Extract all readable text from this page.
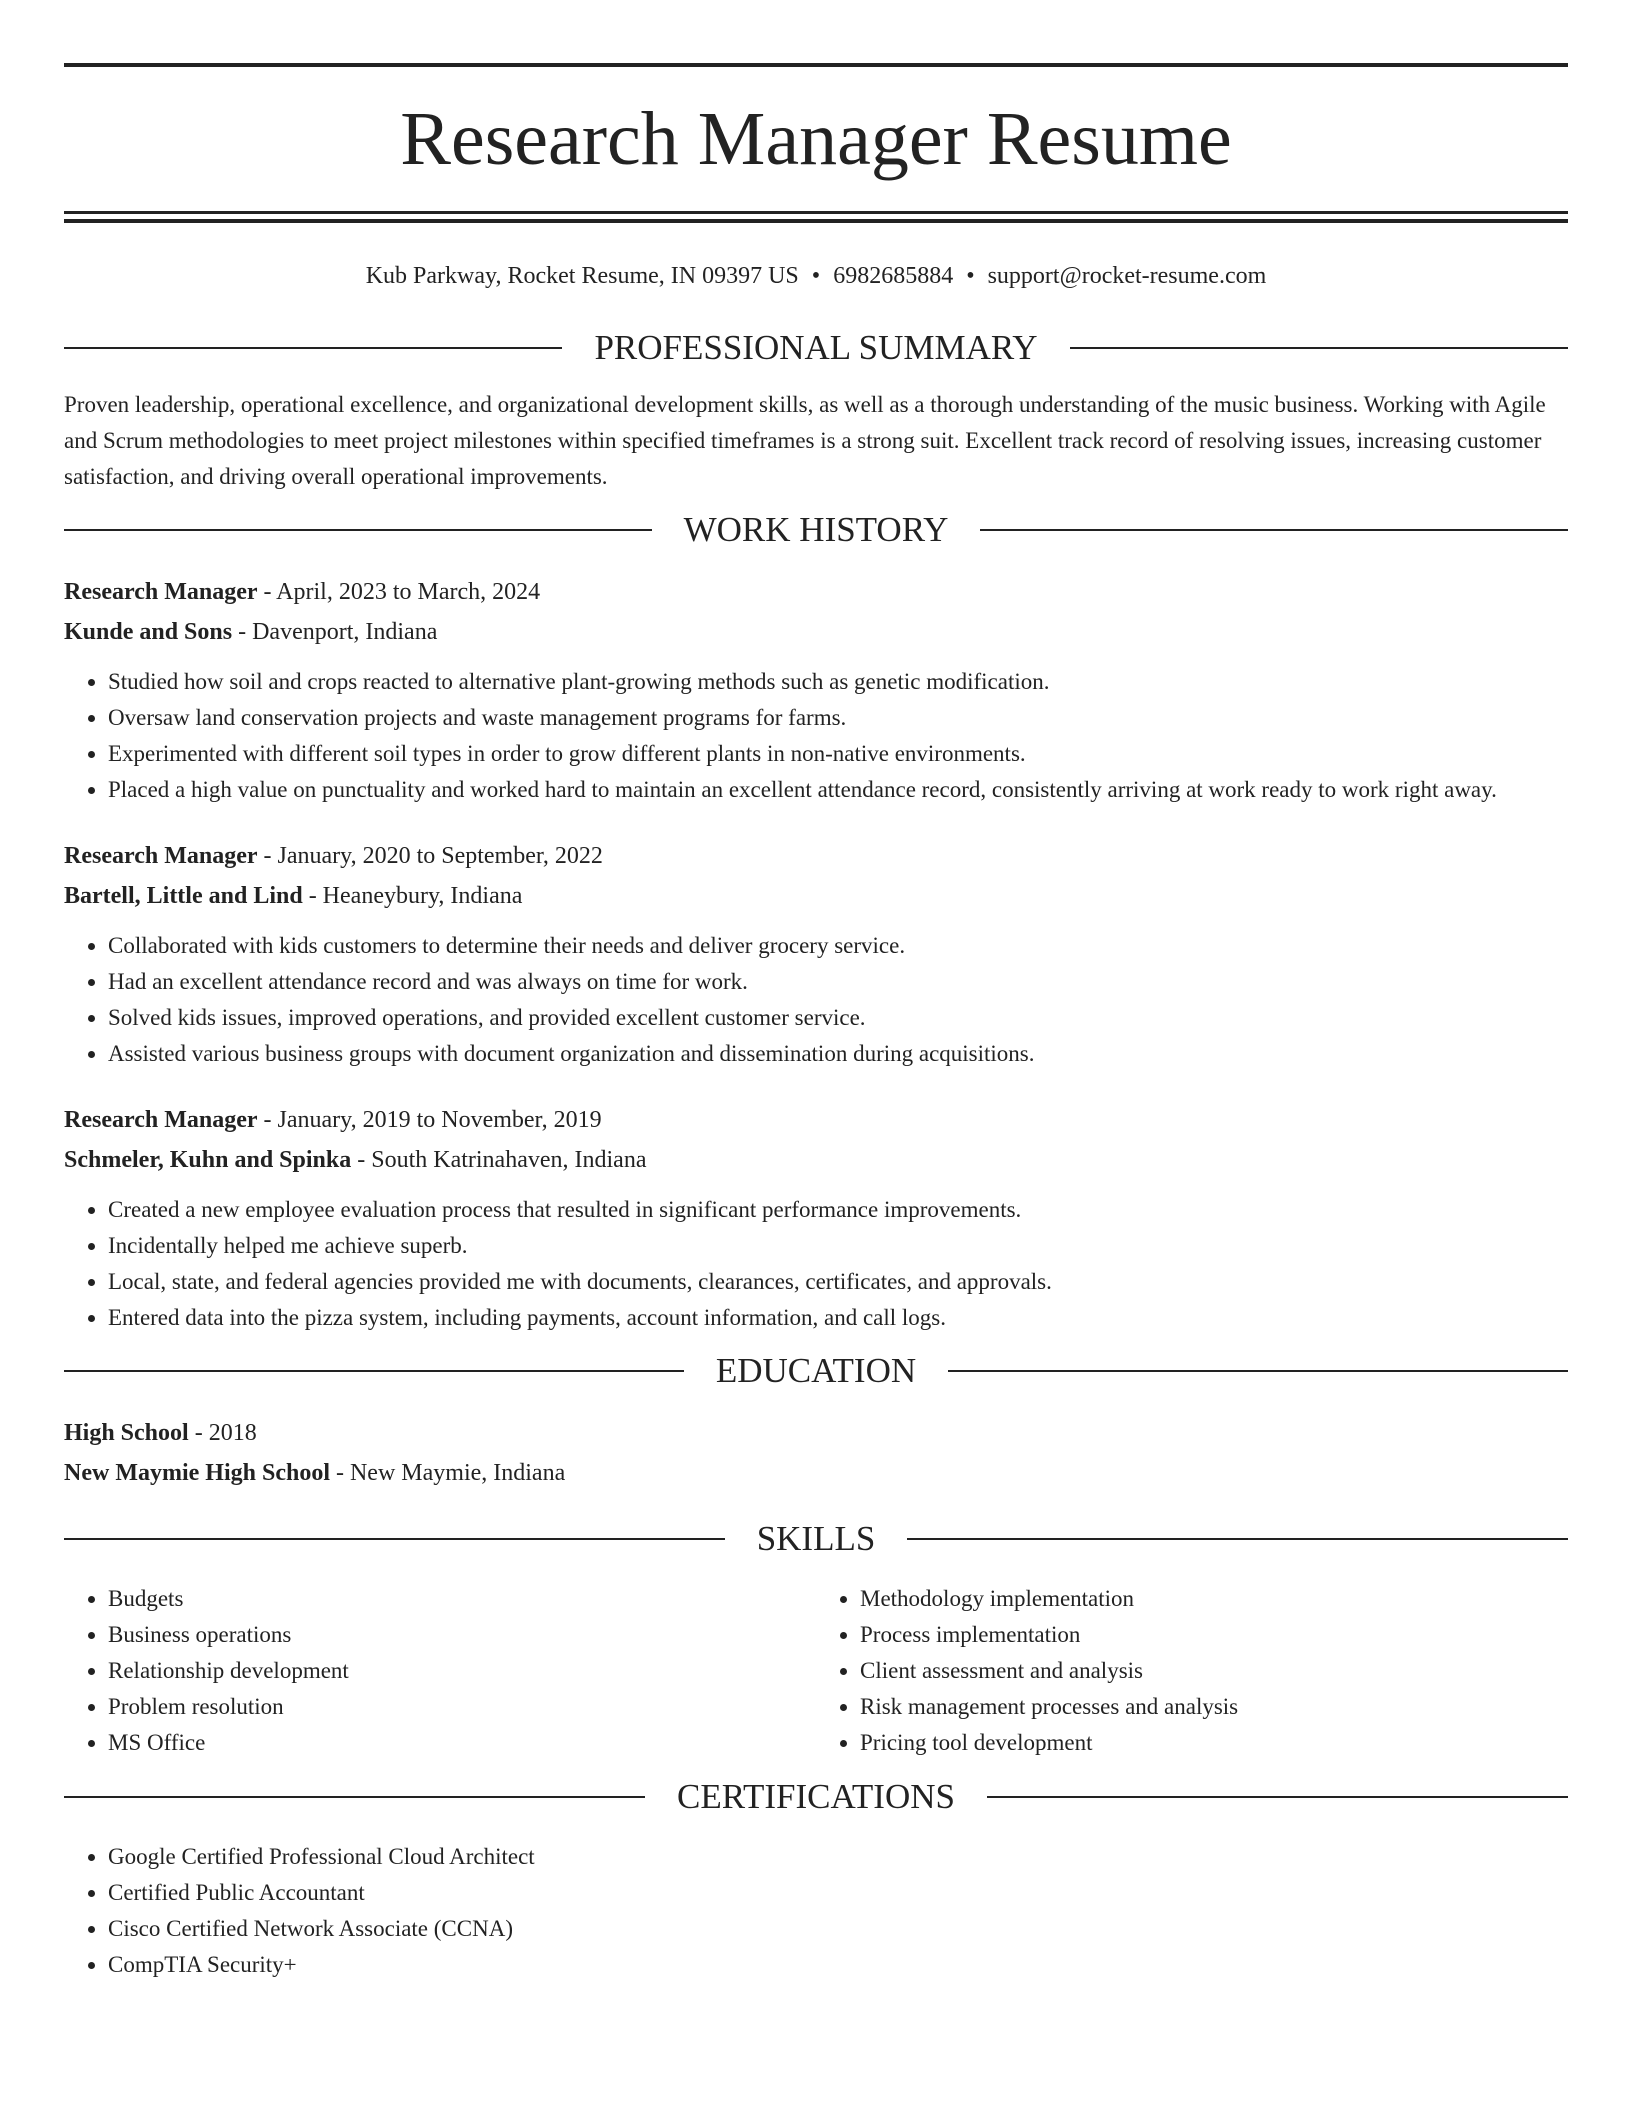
Research Manager Resume
Kub Parkway, Rocket Resume, IN 09397 US • 6982685884 • support@rocket-resume.com
PROFESSIONAL SUMMARY

Proven leadership, operational excellence, and organizational development skills, as well as a thorough understanding of the music business. Working with Agile and Scrum methodologies to meet project milestones within specified timeframes is a strong suit. Excellent track record of resolving issues, increasing customer satisfaction, and driving overall operational improvements.

WORK HISTORY
Research Manager - April, 2023 to March, 2024
Kunde and Sons - Davenport, Indiana
• Studied how soil and crops reacted to alternative plant-growing methods such as genetic modification.
• Oversaw land conservation projects and waste management programs for farms.
• Experimented with different soil types in order to grow different plants in non-native environments.
• Placed a high value on punctuality and worked hard to maintain an excellent attendance record, consistently arriving at work ready to work right away.
Research Manager - January, 2020 to September, 2022
Bartell, Little and Lind - Heaneybury, Indiana
• Collaborated with kids customers to determine their needs and deliver grocery service.
• Had an excellent attendance record and was always on time for work.
• Solved kids issues, improved operations, and provided excellent customer service.
• Assisted various business groups with document organization and dissemination during acquisitions.
Research Manager - January, 2019 to November, 2019
Schmeler, Kuhn and Spinka - South Katrinahaven, Indiana
• Created a new employee evaluation process that resulted in significant performance improvements.
• Incidentally helped me achieve superb.
• Local, state, and federal agencies provided me with documents, clearances, certificates, and approvals.
• Entered data into the pizza system, including payments, account information, and call logs.
EDUCATION
High School - 2018
New Maymie High School - New Maymie, Indiana
SKILLS
• Budgets
• Business operations
• Relationship development
• Problem resolution
• MS Office
• Methodology implementation
• Process implementation
• Client assessment and analysis
• Risk management processes and analysis
• Pricing tool development
CERTIFICATIONS
• Google Certified Professional Cloud Architect
• Certified Public Accountant
• Cisco Certified Network Associate (CCNA)
• CompTIA Security+
